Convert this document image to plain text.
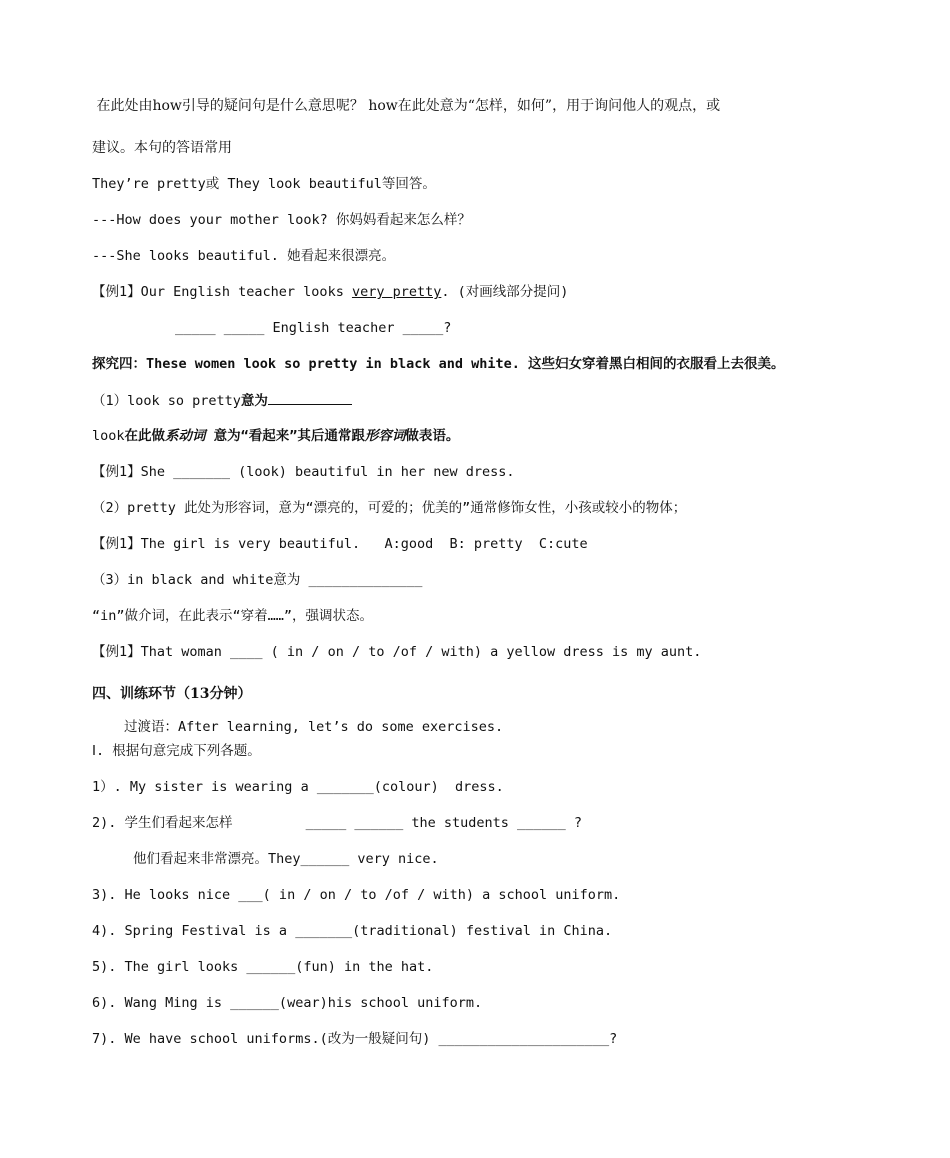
在此处由how引导的疑问句是什么意思呢？ how在此处意为“怎样，如何”，用于询问他人的观点，或
建议。本句的答语常用
They’re pretty或 They look beautiful等回答。
---How does your mother look? 你妈妈看起来怎么样？
---She looks beautiful. 她看起来很漂亮。
【例1】Our English teacher looks very pretty. (对画线部分提问)
_____ _____ English teacher _____?
探究四：These women look so pretty in black and white. 这些妇女穿着黑白相间的衣服看上去很美。
（1）look so pretty意为
look在此做系动词 意为“看起来”其后通常跟形容词做表语。
【例1】She _______ (look) beautiful in her new dress.
（2）pretty 此处为形容词，意为“漂亮的，可爱的；优美的”通常修饰女性，小孩或较小的物体；
【例1】The girl is very beautiful.   A:good  B: pretty  C:cute
（3）in black and white意为 ______________
“in”做介词，在此表示“穿着……”，强调状态。
【例1】That woman ____ ( in / on / to /of / with) a yellow dress is my aunt.
四、训练环节（13分钟）
过渡语：After learning, let’s do some exercises.
Ⅰ. 根据句意完成下列各题。
1）. My sister is wearing a _______(colour)  dress.
2). 学生们看起来怎样         _____ ______ the students ______ ?
他们看起来非常漂亮。They______ very nice.
3). He looks nice ___( in / on / to /of / with) a school uniform.
4). Spring Festival is a _______(traditional) festival in China.
5). The girl looks ______(fun) in the hat.
6). Wang Ming is ______(wear)his school uniform.
7). We have school uniforms.(改为一般疑问句) _____________________?
